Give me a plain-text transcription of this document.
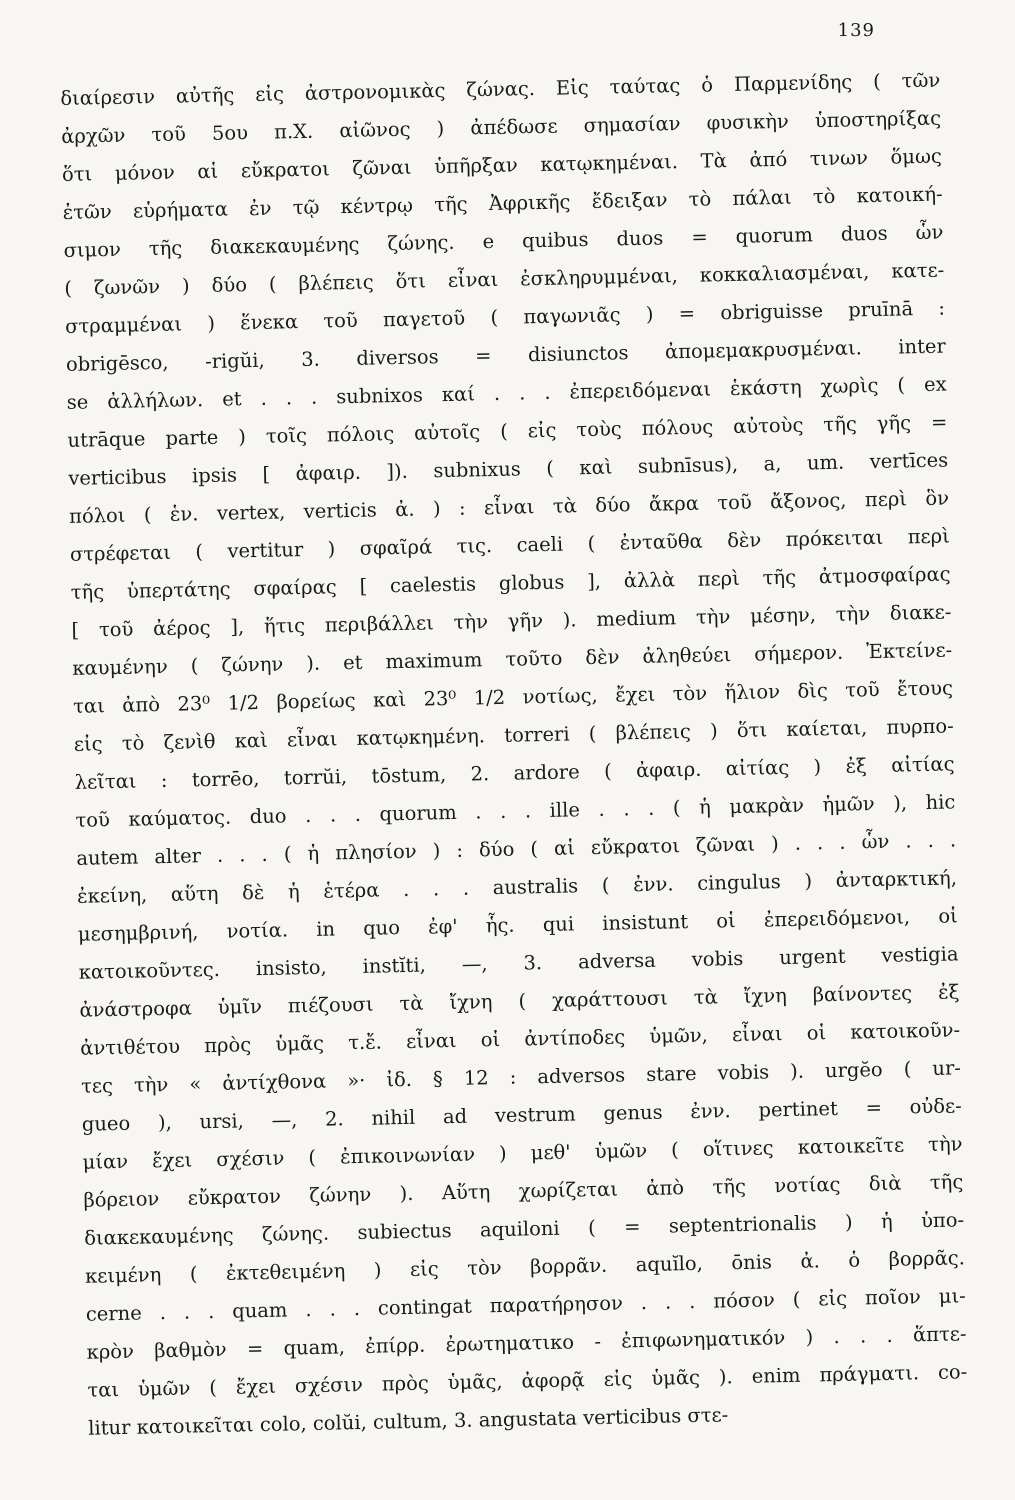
139
διαίρεσιν αὐτῆς εἰς ἀστρονομικὰς ζώνας. Εἰς ταύτας ὁ Παρμενίδης ( τῶν
ἀρχῶν τοῦ 5ου π.Χ. αἰῶνος ) ἀπέδωσε σημασίαν φυσικὴν ὑποστηρίξας
ὅτι μόνον αἱ εὔκρατοι ζῶναι ὑπῆρξαν κατῳκημέναι. Τὰ ἀπό τινων ὅμως
ἐτῶν εὑρήματα ἐν τῷ κέντρῳ τῆς Ἀφρικῆς ἔδειξαν τὸ πάλαι τὸ κατοική-
σιμον τῆς διακεκαυμένης ζώνης. e quibus duos = quorum duos ὧν
( ζωνῶν ) δύο ( βλέπεις ὅτι εἶναι ἐσκληρυμμέναι, κοκκαλιασμέναι, κατε-
στραμμέναι ) ἕνεκα τοῦ παγετοῦ ( παγωνιᾶς ) = obriguisse pruīnā :
obrigēsco, -rigŭi, 3. diversos = disiunctos ἀπομεμακρυσμέναι. inter
se ἀλλήλων. et . . . subnixos καί . . . ἐπερειδόμεναι ἑκάστη χωρὶς ( ex
utrāque parte ) τοῖς πόλοις αὐτοῖς ( εἰς τοὺς πόλους αὐτοὺς τῆς γῆς =
verticibus ipsis [ ἀφαιρ. ]). subnixus ( καὶ subnīsus), a, um. vertīces
πόλοι ( ἑν. vertex, verticis ἀ. ) : εἶναι τὰ δύο ἄκρα τοῦ ἄξονος, περὶ ὃν
στρέφεται ( vertitur ) σφαῖρά τις. caeli ( ἐνταῦθα δὲν πρόκειται περὶ
τῆς ὑπερτάτης σφαίρας [ caelestis globus ], ἀλλὰ περὶ τῆς ἀτμοσφαίρας
[ τοῦ ἀέρος ], ἥτις περιβάλλει τὴν γῆν ). medium τὴν μέσην, τὴν διακε-
καυμένην ( ζώνην ). et maximum τοῦτο δὲν ἀληθεύει σήμερον. Ἐκτείνε-
ται ἀπὸ 23⁰ 1/2 βορείως καὶ 23⁰ 1/2 νοτίως, ἔχει τὸν ἥλιον δὶς τοῦ ἔτους
εἰς τὸ ζενὶθ καὶ εἶναι κατῳκημένη. torreri ( βλέπεις ) ὅτι καίεται, πυρπο-
λεῖται : torrēo, torrŭi, tōstum, 2. ardore ( ἀφαιρ. αἰτίας ) ἐξ αἰτίας
τοῦ καύματος. duo . . . quorum . . . ille . . . ( ἡ μακρὰν ἡμῶν ), hic
autem alter . . . ( ἡ πλησίον ) : δύο ( αἱ εὔκρατοι ζῶναι ) . . . ὧν . . .
ἐκείνη, αὕτη δὲ ἡ ἑτέρα . . . australis ( ἐνν. cingulus ) ἀνταρκτική,
μεσημβρινή, νοτία. in quo ἐφ' ἧς. qui insistunt οἱ ἐπερειδόμενοι, οἱ
κατοικοῦντες. insisto, instĭti, —, 3. adversa vobis urgent vestigia
ἀνάστροφα ὑμῖν πιέζουσι τὰ ἴχνη ( χαράττουσι τὰ ἴχνη βαίνοντες ἐξ
ἀντιθέτου πρὸς ὑμᾶς τ.ἔ. εἶναι οἱ ἀντίποδες ὑμῶν, εἶναι οἱ κατοικοῦν-
τες τὴν « ἀντίχθονα »· ἰδ. § 12 : adversos stare vobis ). urgĕo ( ur-
gueo ), ursi, —, 2. nihil ad vestrum genus ἐνν. pertinet = οὐδε-
μίαν ἔχει σχέσιν ( ἐπικοινωνίαν ) μεθ' ὑμῶν ( οἵτινες κατοικεῖτε τὴν
βόρειον εὔκρατον ζώνην ). Αὕτη χωρίζεται ἀπὸ τῆς νοτίας διὰ τῆς
διακεκαυμένης ζώνης. subiectus aquiloni ( = septentrionalis ) ἡ ὑπο-
κειμένη ( ἐκτεθειμένη ) εἰς τὸν βορρᾶν. aquĭlo, ōnis ἀ. ὁ βορρᾶς.
cerne . . . quam . . . contingat παρατήρησον . . . πόσον ( εἰς ποῖον μι-
κρὸν βαθμὸν = quam, ἐπίρρ. ἐρωτηματικο - ἐπιφωνηματικόν ) . . . ἅπτε-
ται ὑμῶν ( ἔχει σχέσιν πρὸς ὑμᾶς, ἀφορᾷ εἰς ὑμᾶς ). enim πράγματι. co-
litur κατοικεῖται colo, colŭi, cultum, 3. angustata verticibus στε-
